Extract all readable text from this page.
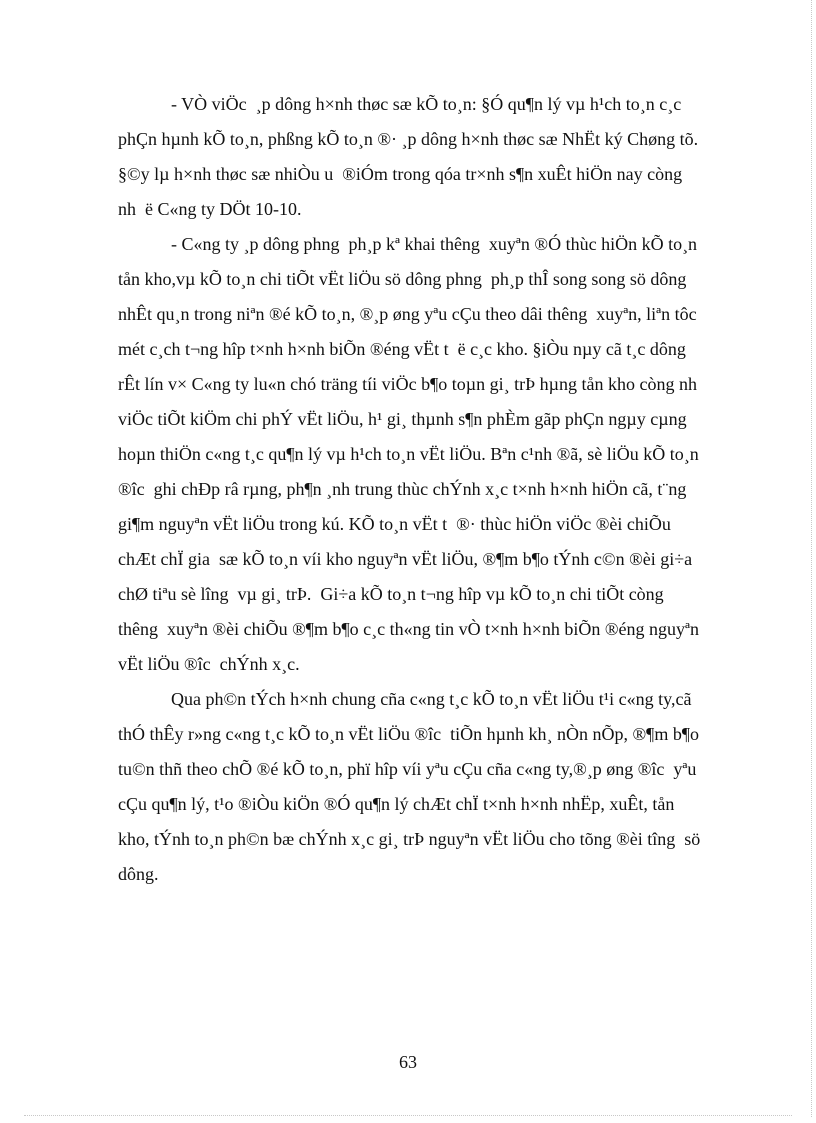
- VÒ viÖc  ¸p dông h×nh thøc sæ kÕ to¸n: §Ó qu¶n lý vµ h¹ch to¸n c¸c
phÇn hµnh kÕ to¸n, phßng kÕ to¸n ®· ¸p dông h×nh thøc sæ NhËt ký Chøng tõ.
§©y lµ h×nh thøc sæ nhiÒu u  ®iÓm trong qóa tr×nh s¶n xuÊt hiÖn nay còng
nh  ë C«ng ty DÖt 10-10.
- C«ng ty ¸p dông phng  ph¸p kª khai thêng  xuyªn ®Ó thùc hiÖn kÕ to¸n
tån kho,vµ kÕ to¸n chi tiÕt vËt liÖu sö dông phng  ph¸p thÎ song song sö dông
nhÊt qu¸n trong niªn ®é kÕ to¸n, ®¸p øng yªu cÇu theo dâi thêng  xuyªn, liªn tôc
mét c¸ch t¬ng hîp t×nh h×nh biÕn ®éng vËt t  ë c¸c kho. §iÒu nµy cã t¸c dông
rÊt lín v× C«ng ty lu«n chó träng tíi viÖc b¶o toµn gi¸ trÞ hµng tån kho còng nh
viÖc tiÕt kiÖm chi phÝ vËt liÖu, h¹ gi¸ thµnh s¶n phÈm gãp phÇn ngµy cµng
hoµn thiÖn c«ng t¸c qu¶n lý vµ h¹ch to¸n vËt liÖu. Bªn c¹nh ®ã, sè liÖu kÕ to¸n
®îc  ghi chÐp râ rµng, ph¶n ¸nh trung thùc chÝnh x¸c t×nh h×nh hiÖn cã, t¨ng
gi¶m nguyªn vËt liÖu trong kú. KÕ to¸n vËt t  ®· thùc hiÖn viÖc ®èi chiÕu
chÆt chÏ gia  sæ kÕ to¸n víi kho nguyªn vËt liÖu, ®¶m b¶o tÝnh c©n ®èi gi÷a
chØ tiªu sè lîng  vµ gi¸ trÞ.  Gi÷a kÕ to¸n t¬ng hîp vµ kÕ to¸n chi tiÕt còng
thêng  xuyªn ®èi chiÕu ®¶m b¶o c¸c th«ng tin vÒ t×nh h×nh biÕn ®éng nguyªn
vËt liÖu ®îc  chÝnh x¸c.
Qua ph©n tÝch h×nh chung cña c«ng t¸c kÕ to¸n vËt liÖu t¹i c«ng ty,cã
thÓ thÊy r»ng c«ng t¸c kÕ to¸n vËt liÖu ®îc  tiÕn hµnh kh¸ nÒn nÕp, ®¶m b¶o
tu©n thñ theo chÕ ®é kÕ to¸n, phï hîp víi yªu cÇu cña c«ng ty,®¸p øng ®îc  yªu
cÇu qu¶n lý, t¹o ®iÒu kiÖn ®Ó qu¶n lý chÆt chÏ t×nh h×nh nhËp, xuÊt, tån
kho, tÝnh to¸n ph©n bæ chÝnh x¸c gi¸ trÞ nguyªn vËt liÖu cho tõng ®èi tîng  sö
dông.
63
